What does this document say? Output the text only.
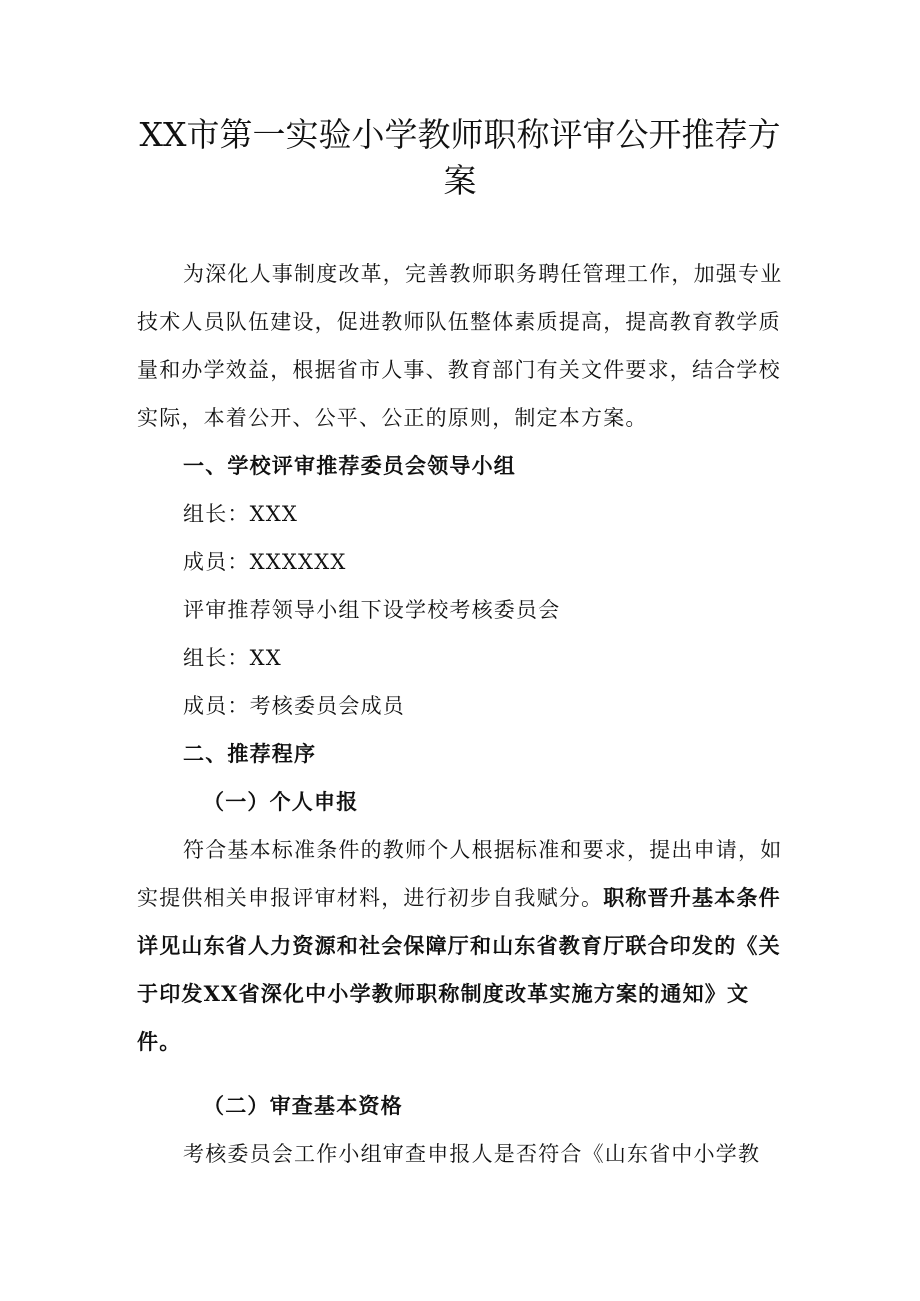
XX市第一实验小学教师职称评审公开推荐方案

为深化人事制度改革，完善教师职务聘任管理工作，加强专业技术人员队伍建设，促进教师队伍整体素质提高，提高教育教学质量和办学效益，根据省市人事、教育部门有关文件要求，结合学校实际，本着公开、公平、公正的原则，制定本方案。

一、学校评审推荐委员会领导小组

组长：XXX

成员：XXXXXX

评审推荐领导小组下设学校考核委员会

组长：XX

成员：考核委员会成员

二、推荐程序

（一）个人申报

符合基本标准条件的教师个人根据标准和要求，提出申请，如实提供相关申报评审材料，进行初步自我赋分。职称晋升基本条件详见山东省人力资源和社会保障厅和山东省教育厅联合印发的《关于印发XX省深化中小学教师职称制度改革实施方案的通知》文件。

（二）审查基本资格

考核委员会工作小组审查申报人是否符合《山东省中小学教
